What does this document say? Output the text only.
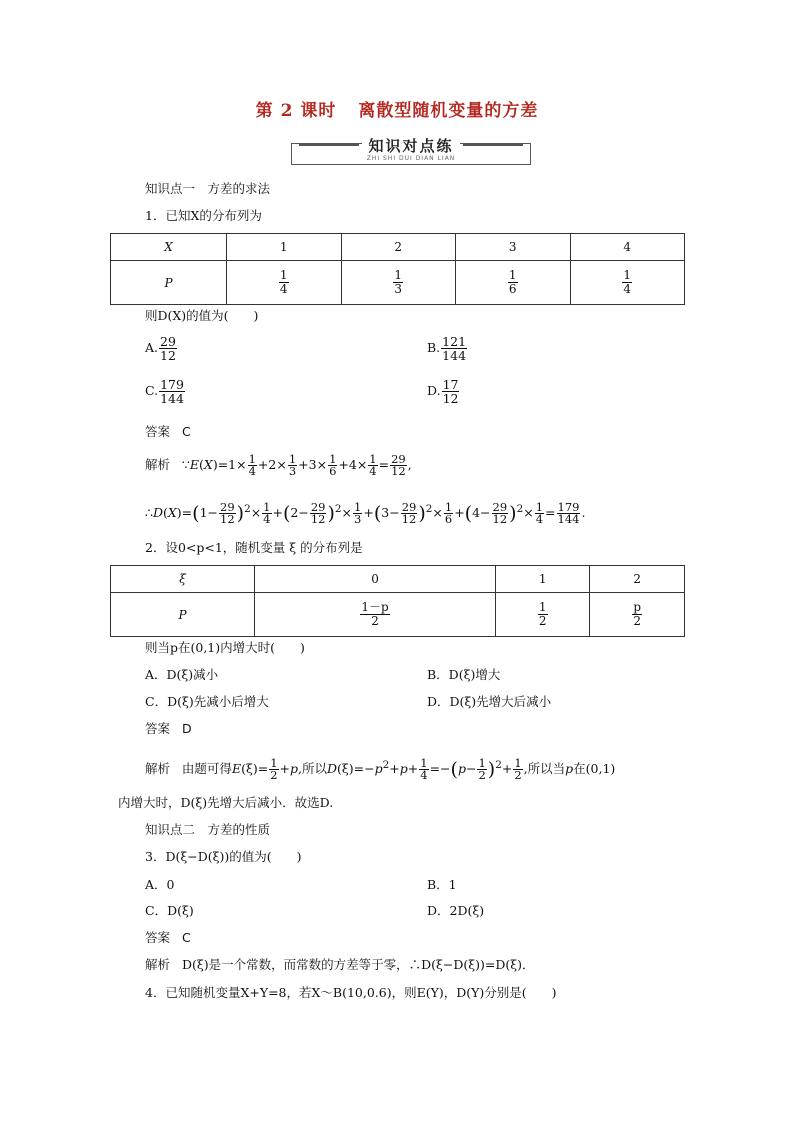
第 2 课时 离散型随机变量的方差
知识对点练
ZHI SHI DUI DIAN LIAN
知识点一　方差的求法
1．已知X的分布列为
X	1	2	3	4
P	$\frac{1}{4}$	$\frac{1}{3}$	$\frac{1}{6}$	$\frac{1}{4}$
则D(X)的值为(　　)
A. $\frac{29}{12}$	B. $\frac{121}{144}$
C. $\frac{179}{144}$	D. $\frac{17}{12}$
答案 C
解析   ∵E(X)=1× $\frac{1}{4} +2\times \frac{1}{3} +3\times \frac{1}{6} +4\times \frac{1}{4} = \frac{29}{12}$ ,
∴D(X)=(1− $\frac{29}{12} )^2\times \frac{1}{4} +(2- \frac{29}{12} )^2\times \frac{1}{3} +(3- \frac{29}{12} )^2\times \frac{1}{6} +(4- \frac{29}{12} )^2\times \frac{1}{4} = \frac{179}{144}$ .
2．设0<p<1，随机变量 ξ 的分布列是
ξ	0	1	2
P	$\frac{1-p}{2}$	$\frac{1}{2}$	$\frac{p}{2}$
则当p在(0,1)内增大时(　　)
A．D(ξ)减小	B．D(ξ)增大
C．D(ξ)先减小后增大	D．D(ξ)先增大后减小
答案 D
解析   由题可得$E(\xi)= \frac{1}{2} +p$,所以$D(\xi)=-p^2+p+ \frac{1}{4} =-(p- \frac{1}{2} )^2+ \frac{1}{2}$ ,所以当p在(0,1)
内增大时，D(ξ)先增大后减小．故选D.
知识点二　方差的性质
3．D(ξ−D(ξ))的值为(　　)
A．0	B．1
C．D(ξ)	D．2D(ξ)
答案 C
解析 D(ξ)是一个常数，而常数的方差等于零，∴D(ξ−D(ξ))=D(ξ)．
4．已知随机变量X+Y=8，若X～B(10,0.6)，则E(Y)，D(Y)分别是(　　)
